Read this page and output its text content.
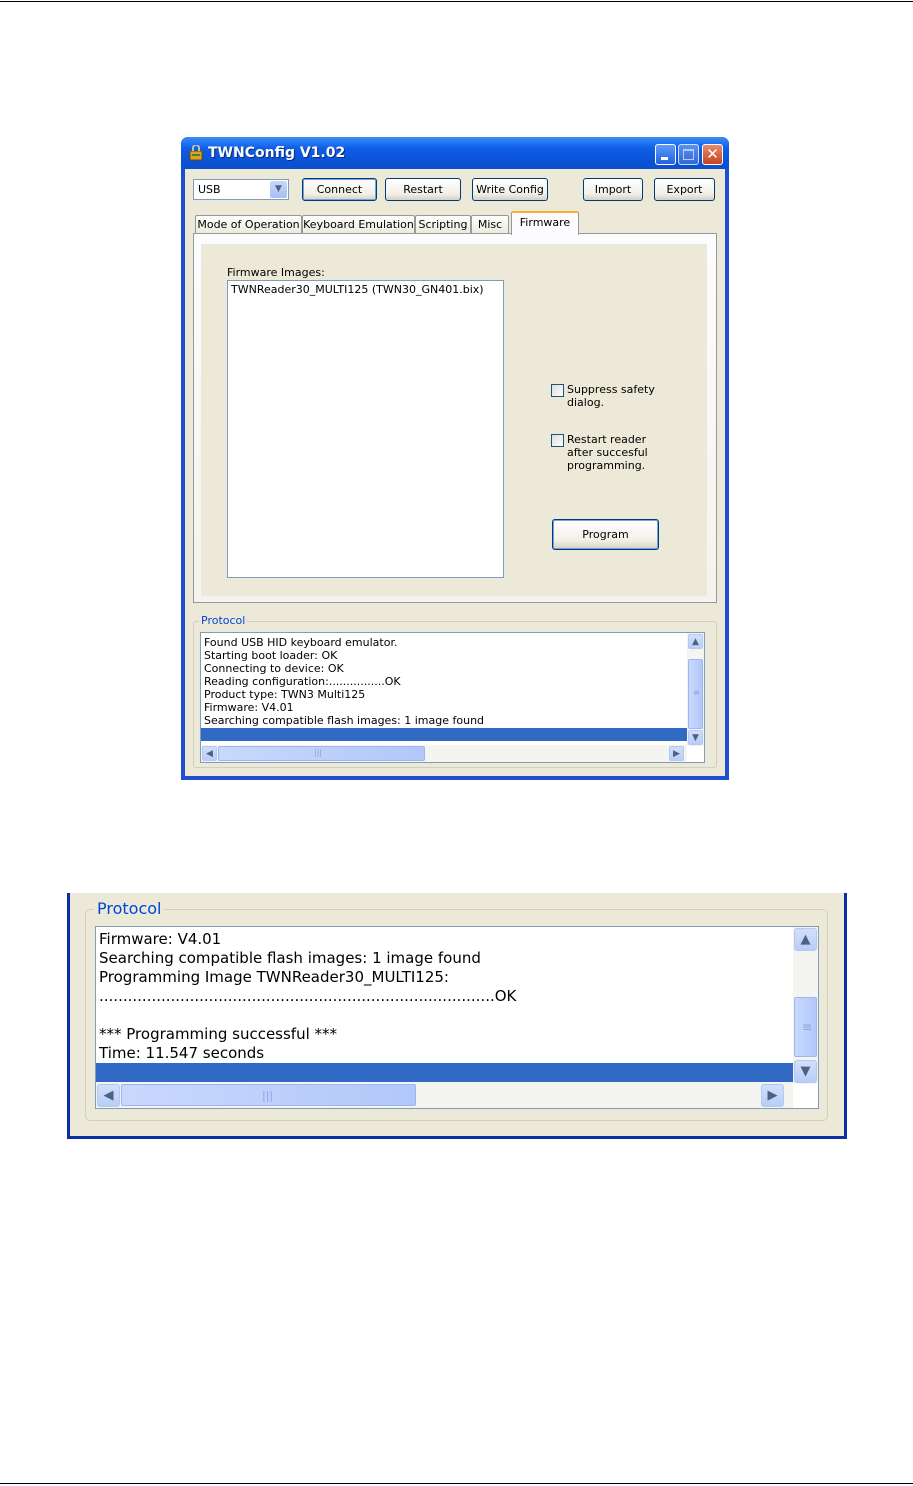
TWNConfig V1.02	✕
USB	▼	Connect	Restart	Write Config	Import	Export
Mode of Operation Keyboard Emulation Scripting Misc	Firmware
Firmware Images:
TWNReader30_MULTI125 (TWN30_GN401.bix)
Suppress safety
dialog.
Restart reader
after succesful
programming.
Program
Protocol
Found USB HID keyboard emulator.
Starting boot loader: OK
Connecting to device: OK
Reading configuration:................OK
Product type: TWN3 Multi125
Firmware: V4.01
Searching compatible flash images: 1 image found
▲
≡
▼
◀	|||	▶
Protocol
Firmware: V4.01
Searching compatible flash images: 1 image found
Programming Image TWNReader30_MULTI125:
...................................................................................OK
*** Programming successful ***
Time: 11.547 seconds
▲
≡
▼
◀	|||	▶
